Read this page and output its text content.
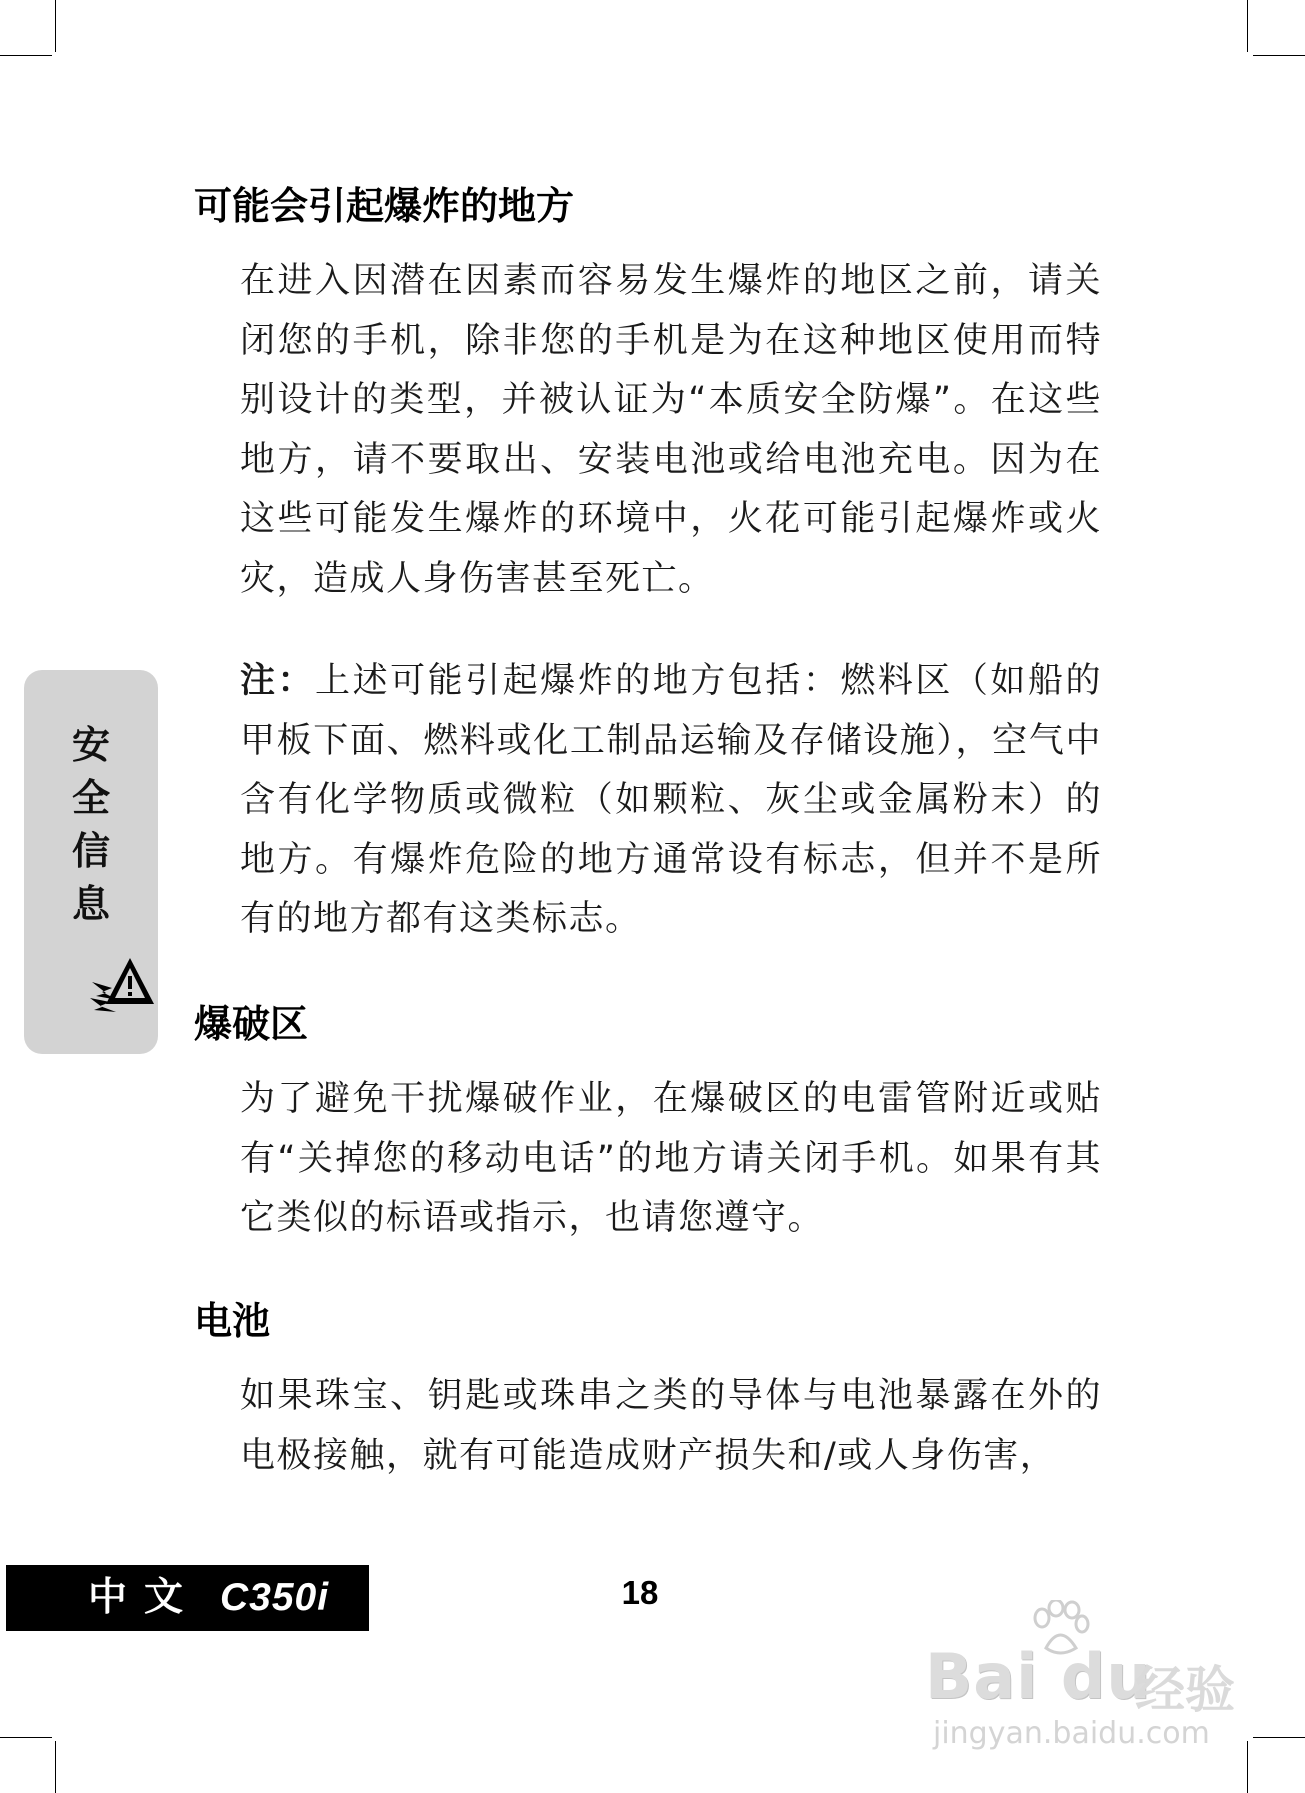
可能会引起爆炸的地方

在进入因潜在因素而容易发生爆炸的地区之前，请关闭您的手机，除非您的手机是为在这种地区使用而特别设计的类型，并被认证为“本质安全防爆”。在这些地方，请不要取出、安装电池或给电池充电。因为在这些可能发生爆炸的环境中，火花可能引起爆炸或火灾，造成人身伤害甚至死亡。

注：上述可能引起爆炸的地方包括：燃料区（如船的甲板下面、燃料或化工制品运输及存储设施），空气中含有化学物质或微粒（如颗粒、灰尘或金属粉末）的地方。有爆炸危险的地方通常设有标志，但并不是所有的地方都有这类标志。

爆破区

为了避免干扰爆破作业，在爆破区的电雷管附近或贴有“关掉您的移动电话”的地方请关闭手机。如果有其它类似的标语或指示，也请您遵守。

电池

如果珠宝、钥匙或珠串之类的导体与电池暴露在外的电极接触，就有可能造成财产损失和/或人身伤害，

安
全
信
息
中文 C350i	18
Bai du
经验
jingyan.baidu.com
